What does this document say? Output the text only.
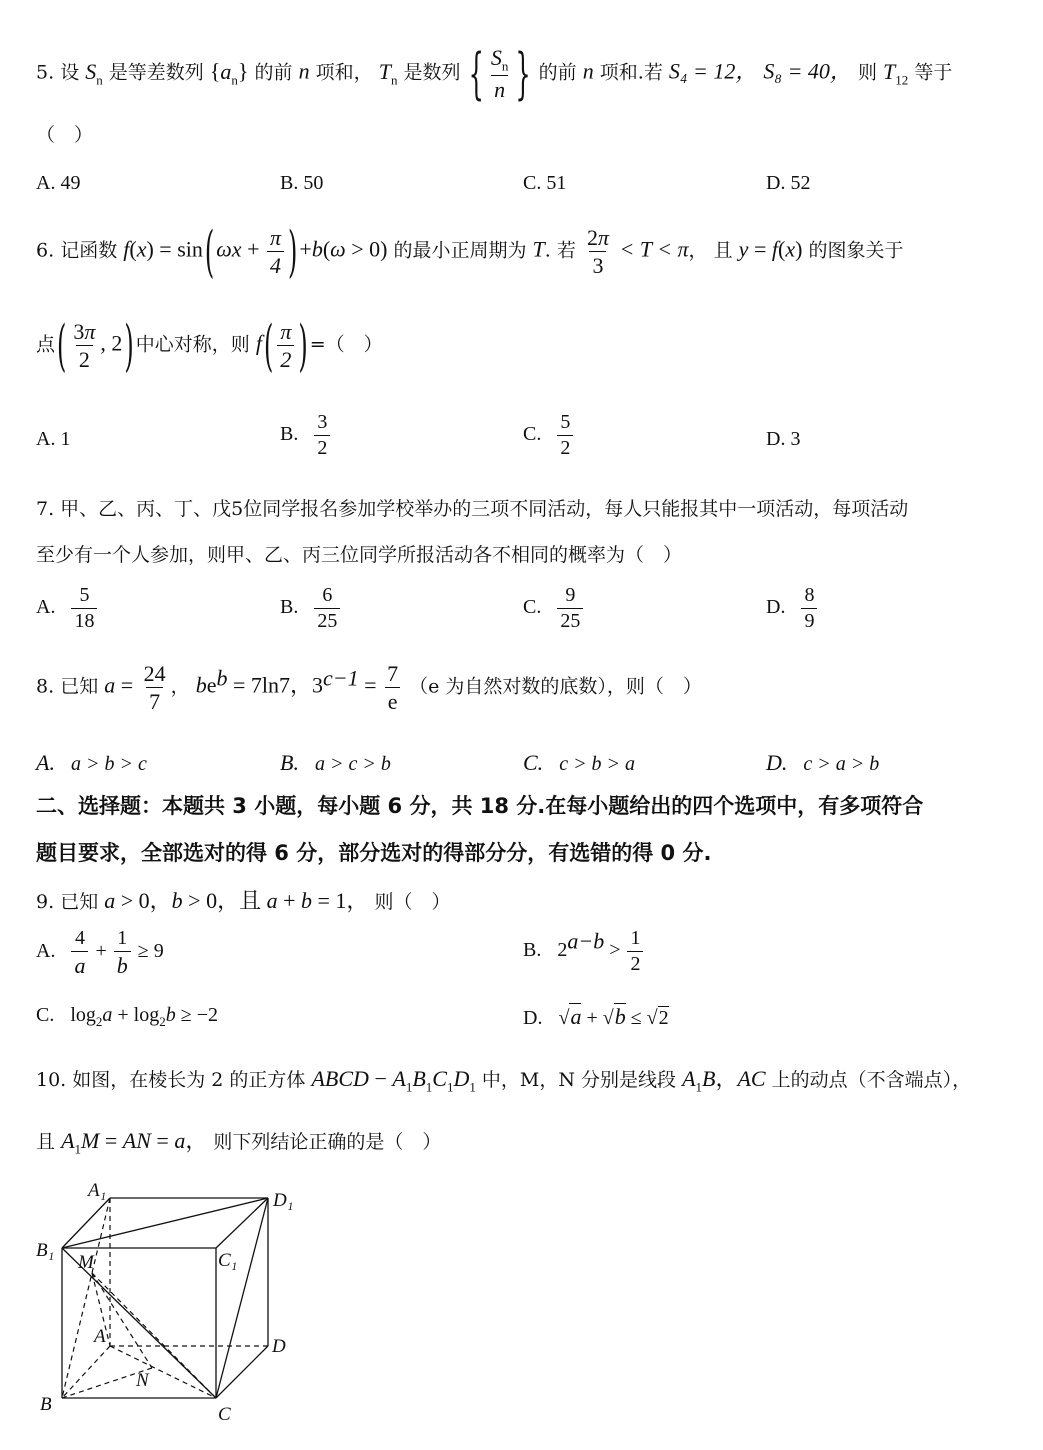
5. 设 $S_n$ 是等差数列 $\{a_n\}$ 的前 n 项和， $T_n$ 是数列 { $\frac{S_n}{n}$ } 的前 n 项和.若 S₄ = 12， S₈ = 40， 则 $T_{12}$ 等于
（　）
A. 49	B. 50	C. 51	D. 52
6. 记函数 $f(x) = \sin(\omega x + \frac{\pi}{4} )+b(\omega > 0)$ 的最小正周期为 T. 若 $\frac{2\pi}{3} < T < \pi$， 且 y = f(x) 的图象关于
点( $\frac{3\pi}{2}$ , 2) 中心对称，则 $f( \frac{\pi}{2}$ ) =（　）
A. 1	B. $\frac{3}{2}$	C. $\frac{5}{2}$	D. 3
7. 甲、乙、丙、丁、戊5位同学报名参加学校举办的三项不同活动，每人只能报其中一项活动，每项活动
至少有一个人参加，则甲、乙、丙三位同学所报活动各不相同的概率为（　）
A. $\frac{5}{18}$	B. $\frac{6}{25}$	C. $\frac{9}{25}$	D. $\frac{8}{9}$
8. 已知 $a = \frac{24}{7}$ ， $be^b = 7\ln 7$，$3^{c-1} = \frac{7}{e} (e$ 为自然对数的底数），则（　）
A. a > b > c	B. a > c > b	C. c > b > a	D. c > a > b
二、选择题：本题共 3 小题，每小题 6 分，共 18 分.在每小题给出的四个选项中，有多项符合
题目要求，全部选对的得 6 分，部分选对的得部分分，有选错的得 0 分.
9. 已知 a > 0，b > 0，且 a + b = 1， 则（　）
A. $\frac{4}{a} + \frac{1}{b} \ge 9$	B. $2^{a-b} > \frac{1}{2}$
C. $\log_2a + \log_2b \ge -2$	D. √a + √b ≤ √2
10. 如图，在棱长为 2 的正方体 ABCD − $A_1B_1C_1D_1$ 中，M，N 分别是线段 $A_1B$，AC 上的动点（不含端点），
且 $A_1M$ = AN = a， 则下列结论正确的是（　）
A₁	D₁
B₁	C₁
M
A	D
N
B	C
